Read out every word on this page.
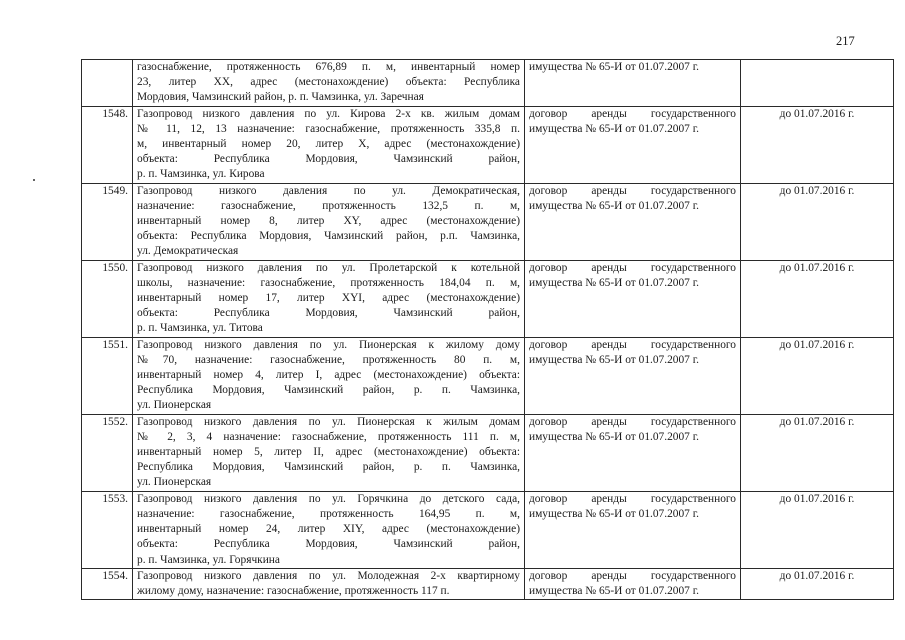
217

	газоснабжение, протяженность 676,89 п. м, инвентарный номер
23, литер XX, адрес (местонахождение) объекта: Республика
Мордовия, Чамзинский район, р. п. Чамзинка, ул. Заречная	имущества № 65-И от 01.07.2007 г.	

1548.	Газопровод низкого давления по ул. Кирова 2-х кв. жилым домам
№ 11, 12, 13 назначение: газоснабжение, протяженность 335,8 п.
м, инвентарный номер 20, литер X, адрес (местонахождение)
объекта: Республика Мордовия, Чамзинский район,
р. п. Чамзинка, ул. Кирова	договор аренды государственного
имущества № 65-И от 01.07.2007 г.	до 01.07.2016 г.
1549.	Газопровод низкого давления по ул. Демократическая,
назначение: газоснабжение, протяженность 132,5 п. м,
инвентарный номер 8, литер XY, адрес (местонахождение)
объекта: Республика Мордовия, Чамзинский район, р.п. Чамзинка,
ул. Демократическая	договор аренды государственного
имущества № 65-И от 01.07.2007 г.	до 01.07.2016 г.
1550.	Газопровод низкого давления по ул. Пролетарской к котельной
школы, назначение: газоснабжение, протяженность 184,04 п. м,
инвентарный номер 17, литер XYI, адрес (местонахождение)
объекта: Республика Мордовия, Чамзинский район,
р. п. Чамзинка, ул. Титова	договор аренды государственного
имущества № 65-И от 01.07.2007 г.	до 01.07.2016 г.
1551.	Газопровод низкого давления по ул. Пионерская к жилому дому
№70, назначение: газоснабжение, протяженность 80 п. м,
инвентарный номер 4, литер I, адрес (местонахождение) объекта:
Республика Мордовия, Чамзинский район, р. п. Чамзинка,
ул. Пионерская	договор аренды государственного
имущества № 65-И от 01.07.2007 г.	до 01.07.2016 г.
1552.	Газопровод низкого давления по ул. Пионерская к жилым домам
№ 2, 3, 4 назначение: газоснабжение, протяженность 111 п. м,
инвентарный номер 5, литер II, адрес (местонахождение) объекта:
Республика Мордовия, Чамзинский район, р. п. Чамзинка,
ул. Пионерская	договор аренды государственного
имущества № 65-И от 01.07.2007 г.	до 01.07.2016 г.
1553.	Газопровод низкого давления по ул. Горячкина до детского сада,
назначение: газоснабжение, протяженность 164,95 п. м,
инвентарный номер 24, литер XIY, адрес (местонахождение)
объекта: Республика Мордовия, Чамзинский район,
р. п. Чамзинка, ул. Горячкина	договор аренды государственного
имущества № 65-И от 01.07.2007 г.	до 01.07.2016 г.
1554.	Газопровод низкого давления по ул. Молодежная 2-х квартирному
жилому дому, назначение: газоснабжение, протяженность 117 п.	договор аренды государственного
имущества № 65-И от 01.07.2007 г.	до 01.07.2016 г.
